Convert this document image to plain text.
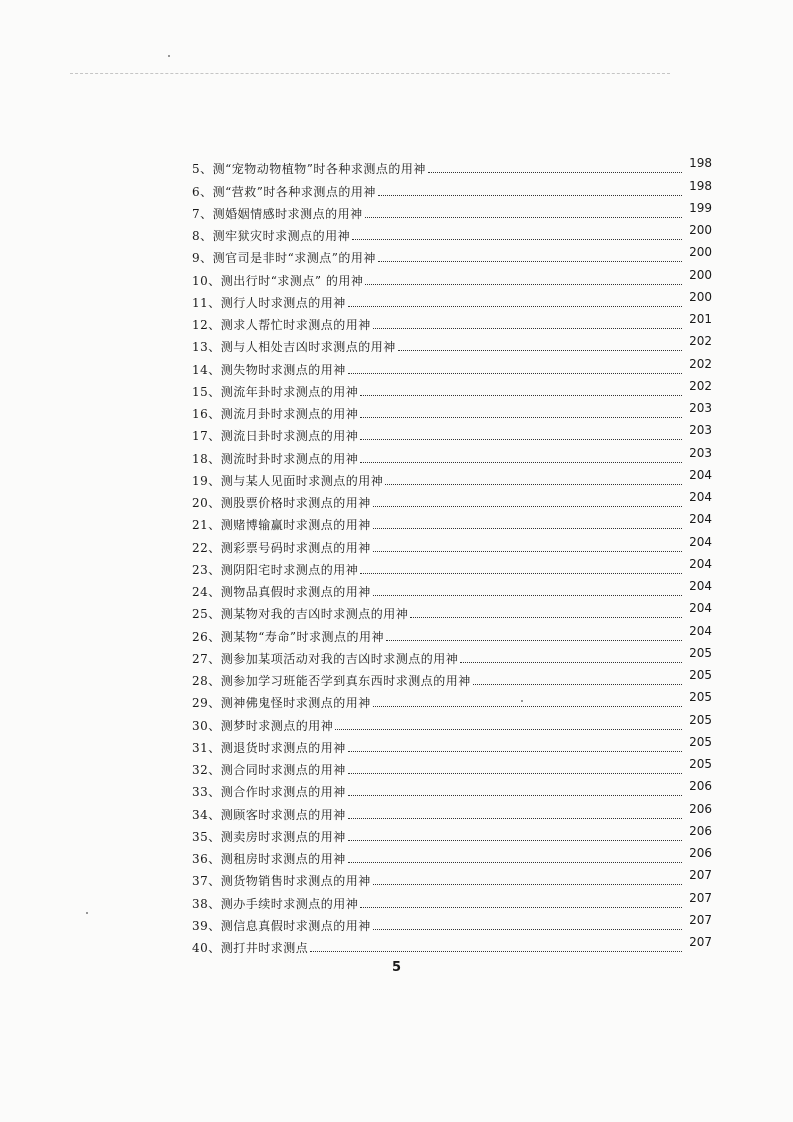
5、测“宠物动物植物”时各种求测点的用神	198
6、测“营救”时各种求测点的用神	198
7、测婚姻情感时求测点的用神	199
8、测牢狱灾时求测点的用神	200
9、测官司是非时“求测点”的用神	200
10、测出行时“求测点” 的用神	200
11、测行人时求测点的用神	200
12、测求人帮忙时求测点的用神	201
13、测与人相处吉凶时求测点的用神	202
14、测失物时求测点的用神	202
15、测流年卦时求测点的用神	202
16、测流月卦时求测点的用神	203
17、测流日卦时求测点的用神	203
18、测流时卦时求测点的用神	203
19、测与某人见面时求测点的用神	204
20、测股票价格时求测点的用神	204
21、测赌博输赢时求测点的用神	204
22、测彩票号码时求测点的用神	204
23、测阴阳宅时求测点的用神	204
24、测物品真假时求测点的用神	204
25、测某物对我的吉凶时求测点的用神	204
26、测某物“寿命”时求测点的用神	204
27、测参加某项活动对我的吉凶时求测点的用神	205
28、测参加学习班能否学到真东西时求测点的用神	205
29、测神佛鬼怪时求测点的用神	205
30、测梦时求测点的用神	205
31、测退货时求测点的用神	205
32、测合同时求测点的用神	205
33、测合作时求测点的用神	206
34、测顾客时求测点的用神	206
35、测卖房时求测点的用神	206
36、测租房时求测点的用神	206
37、测货物销售时求测点的用神	207
38、测办手续时求测点的用神	207
39、测信息真假时求测点的用神	207
40、测打井时求测点	207
5
